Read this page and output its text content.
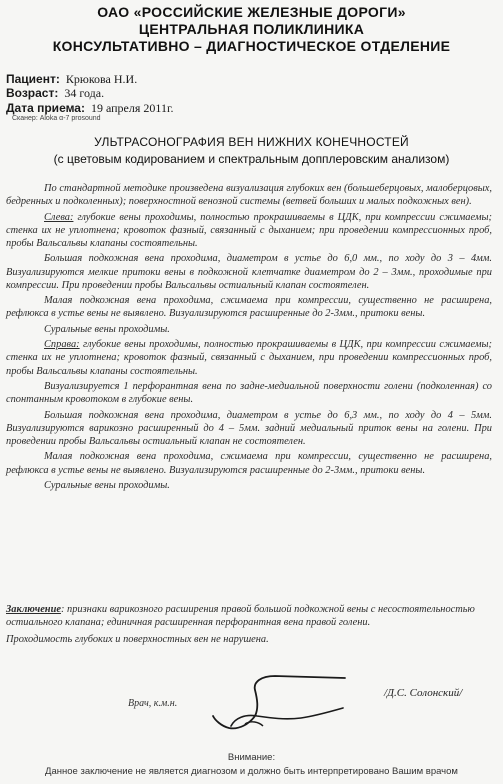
ОАО «РОССИЙСКИЕ ЖЕЛЕЗНЫЕ ДОРОГИ»
ЦЕНТРАЛЬНАЯ ПОЛИКЛИНИКА
КОНСУЛЬТАТИВНО – ДИАГНОСТИЧЕСКОЕ ОТДЕЛЕНИЕ
Пациент: Крюкова Н.И.
Возраст: 34 года.
Дата приема: 19 апреля 2011г.
Сканер: Aloka α-7 prosound
УЛЬТРАСОНОГРАФИЯ ВЕН НИЖНИХ КОНЕЧНОСТЕЙ
(с цветовым кодированием и спектральным допплеровским анализом)

По стандартной методике произведена визуализация глубоких вен (большеберцовых, малоберцовых, бедренных и подколенных); поверхностной венозной системы (ветвей больших и малых подкожных вен).

Слева: глубокие вены проходимы, полностью прокрашиваемы в ЦДК, при компрессии сжимаемы; стенка их не уплотнена; кровоток фазный, связанный с дыханием; при проведении компрессионных проб, пробы Вальсальвы клапаны состоятельны.

Большая подкожная вена проходима, диаметром в устье до 6,0 мм., по ходу до 3 – 4мм. Визуализируются мелкие притоки вены в подкожной клетчатке диаметром до 2 – 3мм., проходимые при компрессии. При проведении пробы Вальсальвы остиальный клапан состоятелен.

Малая подкожная вена проходима, сжимаема при компрессии, существенно не расширена, рефлюкса в устье вены не выявлено. Визуализируются расширенные до 2-3мм., притоки вены.

Суральные вены проходимы.

Справа: глубокие вены проходимы, полностью прокрашиваемы в ЦДК, при компрессии сжимаемы; стенка их не уплотнена; кровоток фазный, связанный с дыханием, при проведении компрессионных проб, пробы Вальсальвы клапаны состоятельны.

Визуализируется 1 перфорантная вена по задне-медиальной поверхности голени (подколенная) со спонтанным кровотоком в глубокие вены.

Большая подкожная вена проходима, диаметром в устье до 6,3 мм., по ходу до 4 – 5мм. Визуализируются варикозно расширенный до 4 – 5мм. задний медиальный приток вены на голени. При проведении пробы Вальсальвы остиальный клапан не состоятелен.

Малая подкожная вена проходима, сжимаема при компрессии, существенно не расширена, рефлюкса в устье вены не выявлено. Визуализируются расширенные до 2-3мм., притоки вены.

Суральные вены проходимы.

Заключение: признаки варикозного расширения правой большой подкожной вены с несостоятельностью остиального клапана; единичная расширенная перфорантная вена правой голени.

Проходимость глубоких и поверхностных вен не нарушена.

Врач, к.м.н.
/Д.С. Солонский/
Внимание:
Данное заключение не является диагнозом и должно быть интерпретировано Вашим врачом
